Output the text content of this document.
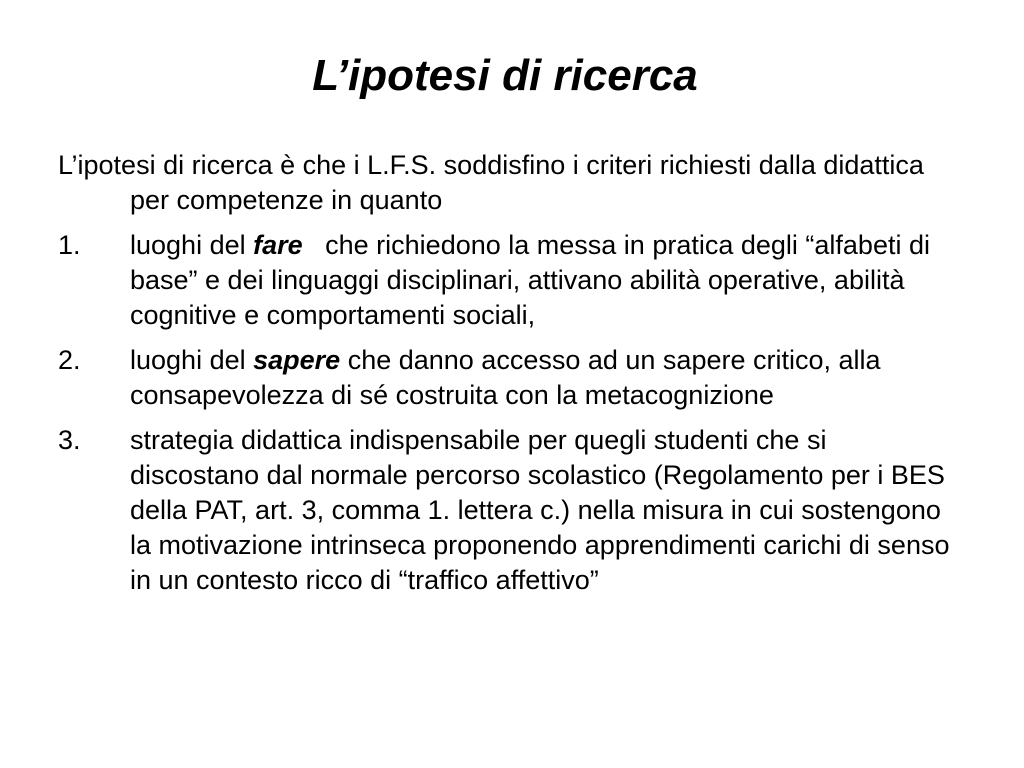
L’ipotesi di ricerca

L’ipotesi di ricerca è che i L.F.S. soddisfino i criteri richiesti dalla didattica per competenze in quanto

1. luoghi del fare   che richiedono la messa in pratica degli “alfabeti di base” e dei linguaggi disciplinari, attivano abilità operative, abilità cognitive e comportamenti sociali,
2. luoghi del sapere che danno accesso ad un sapere critico, alla consapevolezza di sé costruita con la metacognizione
3. strategia didattica indispensabile per quegli studenti che si discostano dal normale percorso scolastico (Regolamento per i BES della PAT, art. 3, comma 1. lettera c.) nella misura in cui sostengono la motivazione intrinseca proponendo apprendimenti carichi di senso in un contesto ricco di “traffico affettivo”
